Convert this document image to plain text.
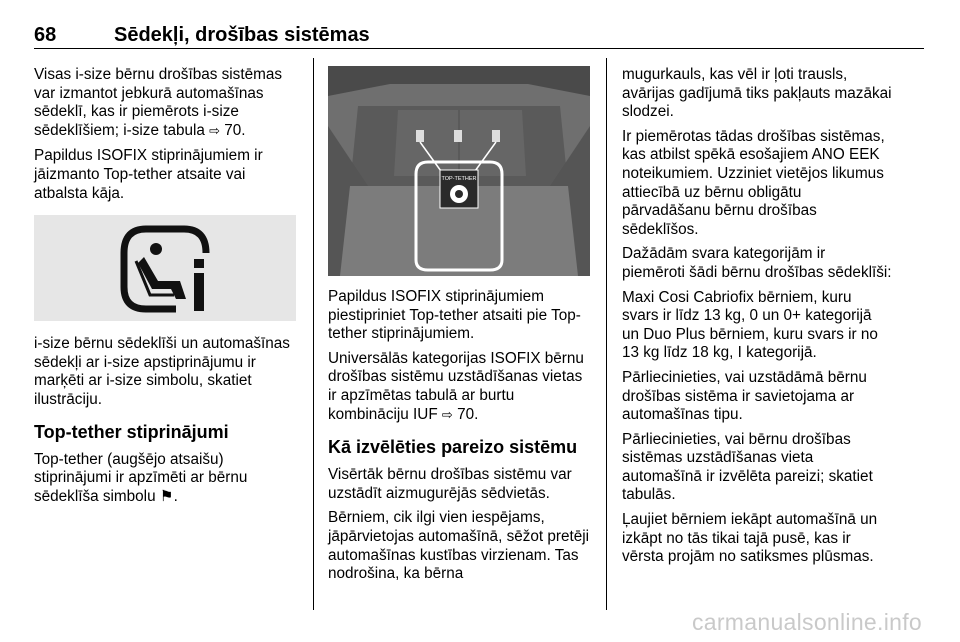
68	Sēdekļi, drošības sistēmas

Visas i-size bērnu drošības sistēmas var izmantot jebkurā automašīnas sēdeklī, kas ir piemērots i-size sēdeklīšiem; i-size tabula ⇨ 70.

Papildus ISOFIX stiprinājumiem ir jāizmanto Top-tether atsaite vai atbalsta kāja.

i-size bērnu sēdeklīši un automašīnas sēdekļi ar i-size apstiprinājumu ir marķēti ar i-size simbolu, skatiet ilustrāciju.

Top-tether stiprinājumi

Top-tether (augšējo atsaišu) stiprinājumi ir apzīmēti ar bērnu sēdeklīša simbolu ⚑.

TOP-TETHER

Papildus ISOFIX stiprinājumiem piestipriniet Top-tether atsaiti pie Top-tether stiprinājumiem.

Universālās kategorijas ISOFIX bērnu drošības sistēmu uzstādīšanas vietas ir apzīmētas tabulā ar burtu kombināciju IUF ⇨ 70.

Kā izvēlēties pareizo sistēmu

Visērtāk bērnu drošības sistēmu var uzstādīt aizmugurējās sēdvietās.

Bērniem, cik ilgi vien iespējams, jāpārvietojas automašīnā, sēžot pretēji automašīnas kustības virzienam. Tas nodrošina, ka bērna

mugurkauls, kas vēl ir ļoti trausls, avārijas gadījumā tiks pakļauts mazākai slodzei.

Ir piemērotas tādas drošības sistēmas, kas atbilst spēkā esošajiem ANO EEK noteikumiem. Uzziniet vietējos likumus attiecībā uz bērnu obligātu pārvadāšanu bērnu drošības sēdeklīšos.

Dažādām svara kategorijām ir piemēroti šādi bērnu drošības sēdeklīši:

Maxi Cosi Cabriofix bērniem, kuru svars ir līdz 13 kg, 0 un 0+ kategorijā un Duo Plus bērniem, kuru svars ir no 13 kg līdz 18 kg, I kategorijā.

Pārliecinieties, vai uzstādāmā bērnu drošības sistēma ir savietojama ar automašīnas tipu.

Pārliecinieties, vai bērnu drošības sistēmas uzstādīšanas vieta automašīnā ir izvēlēta pareizi; skatiet tabulās.

Ļaujiet bērniem iekāpt automašīnā un izkāpt no tās tikai tajā pusē, kas ir vērsta projām no satiksmes plūsmas.

carmanualsonline.info
